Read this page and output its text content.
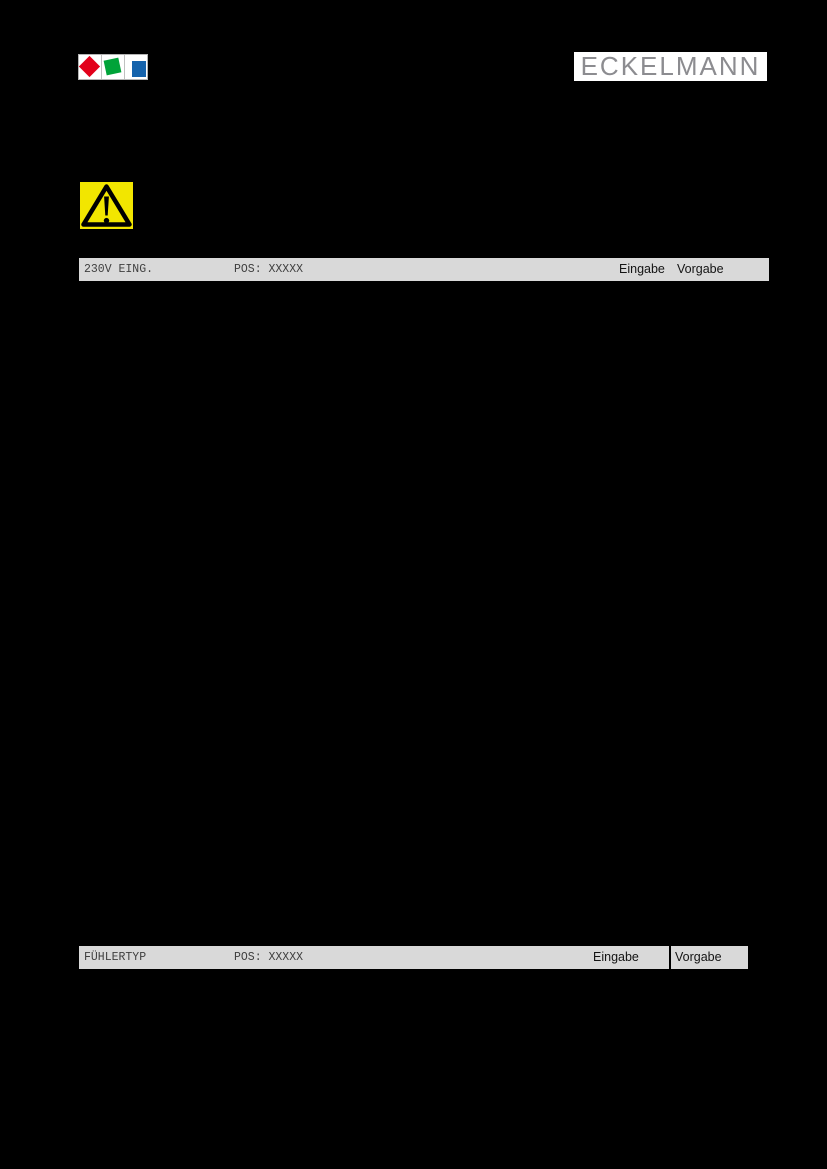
ECKELMANN
230V EING.	POS: XXXXX	Eingabe Vorgabe
FÜHLERTYP	POS: XXXXX	Eingabe	Vorgabe
